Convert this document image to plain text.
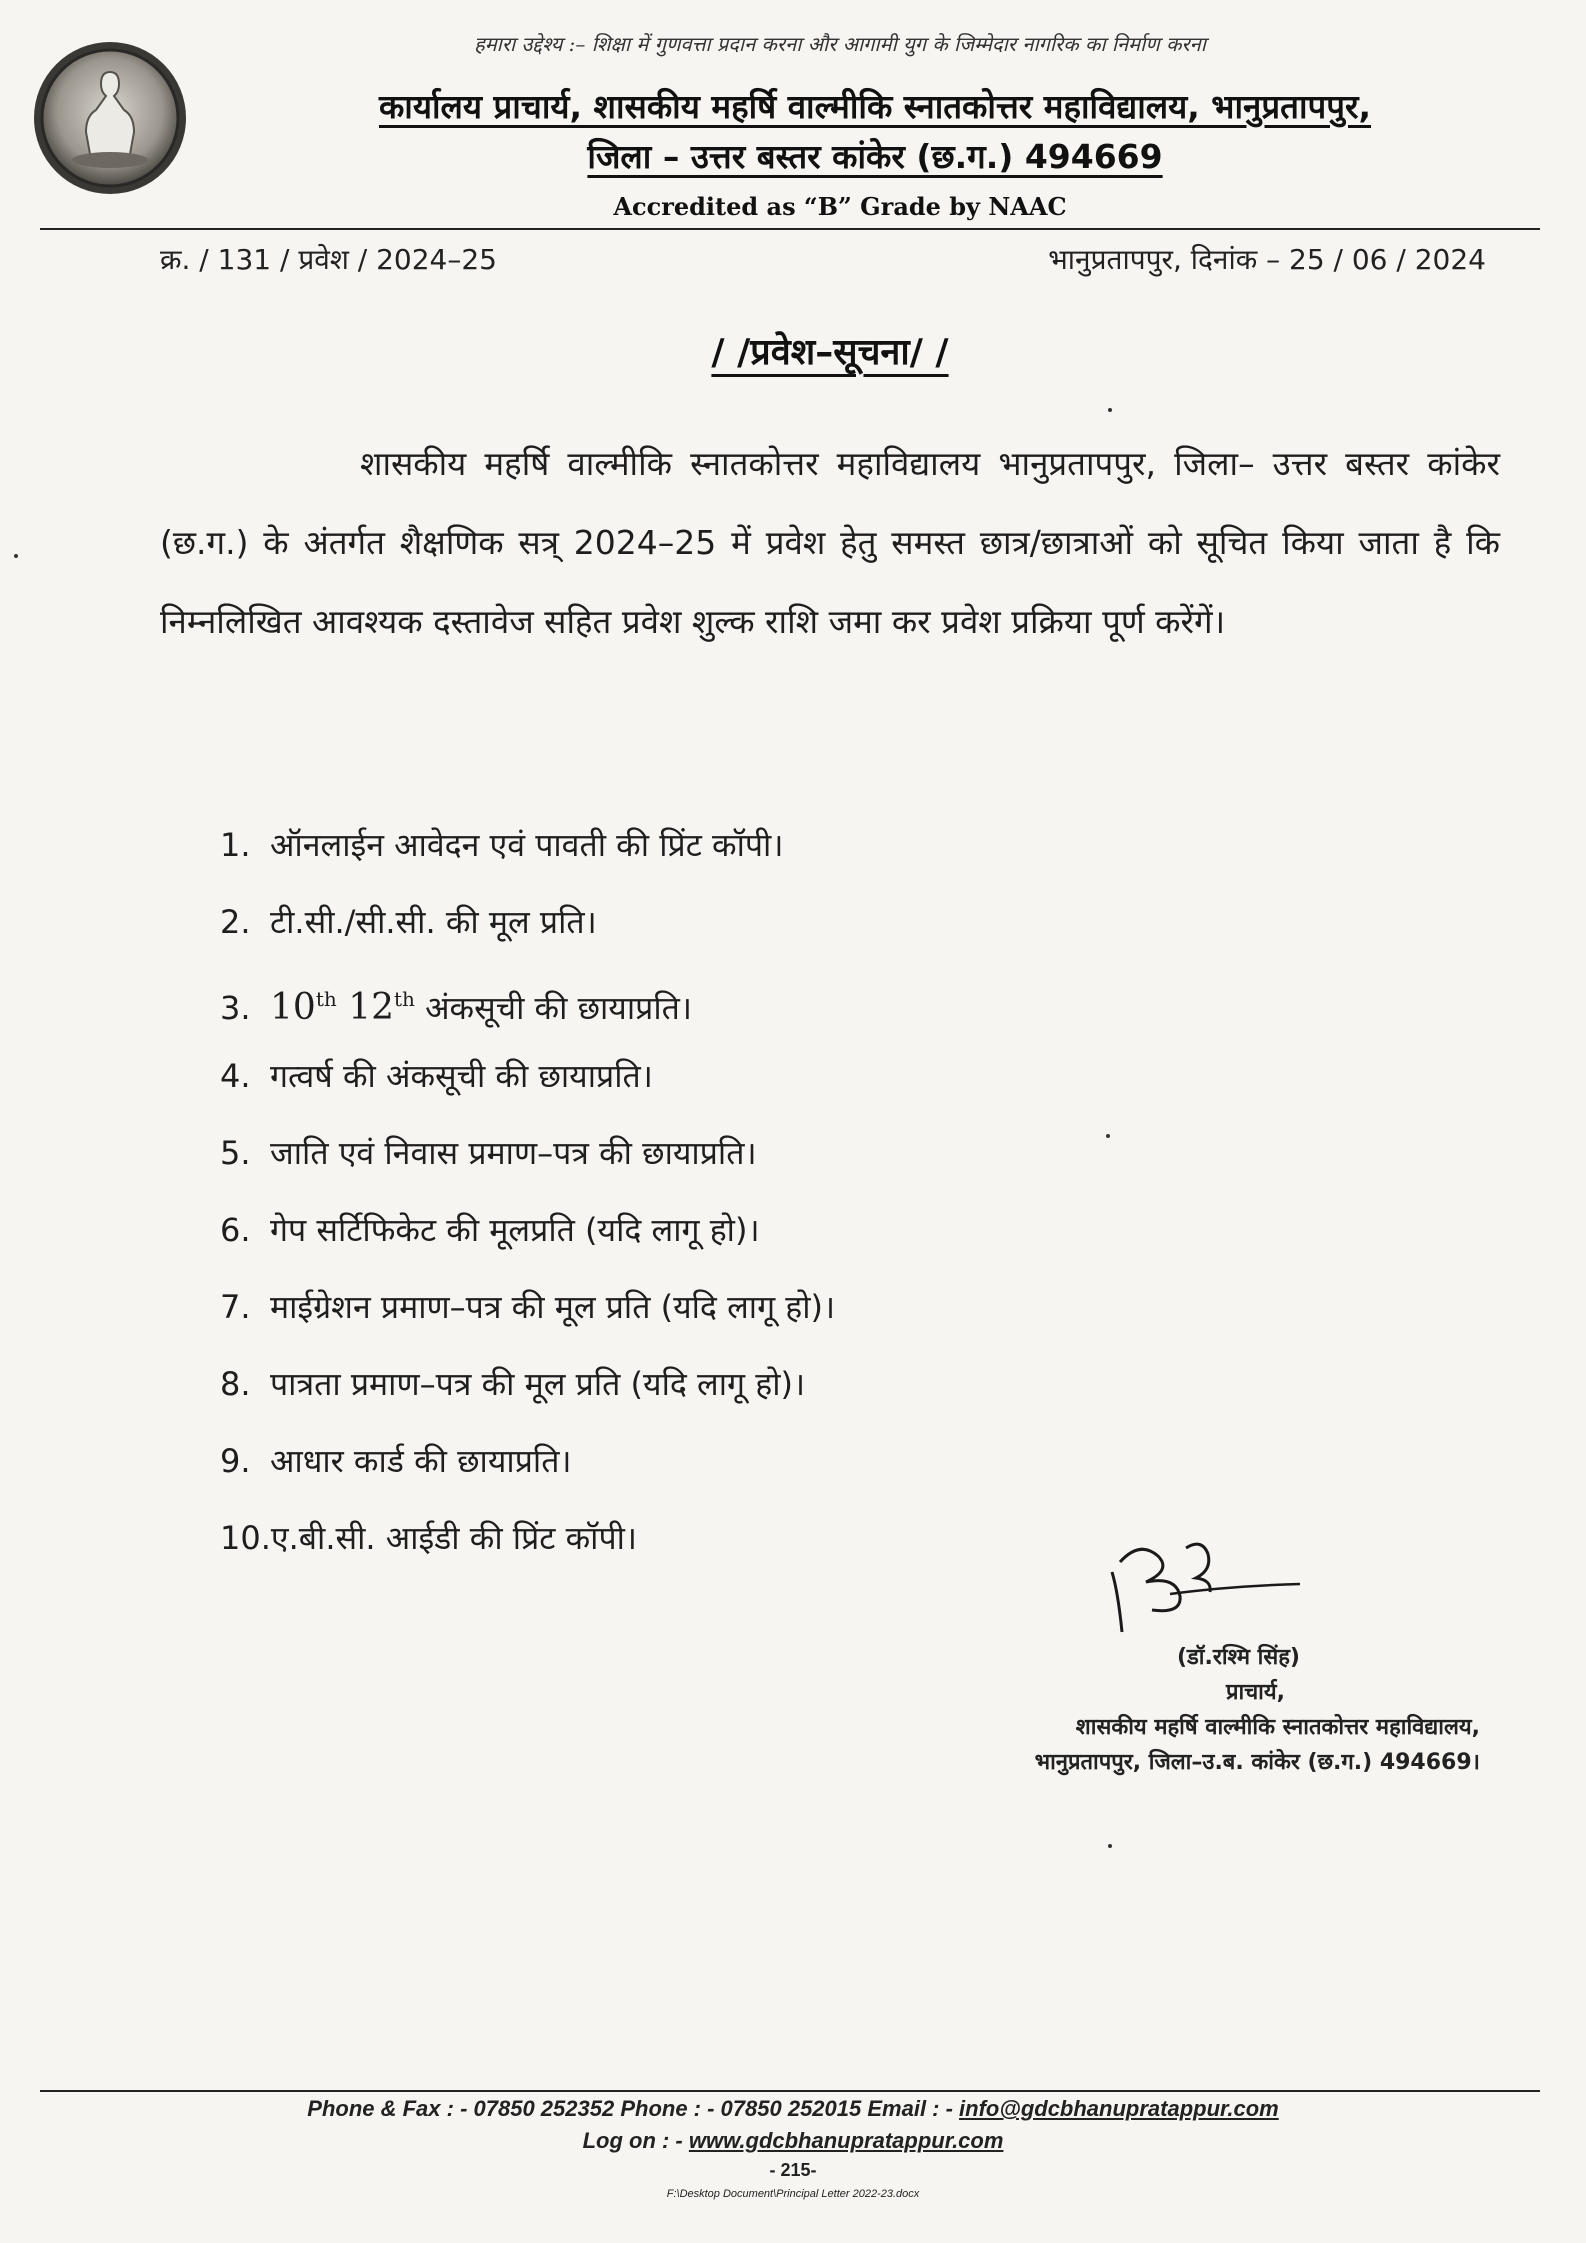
हमारा उद्देश्य :– शिक्षा में गुणवत्ता प्रदान करना और आगामी युग के जिम्मेदार नागरिक का निर्माण करना
कार्यालय प्राचार्य, शासकीय महर्षि वाल्मीकि स्नातकोत्तर महाविद्यालय, भानुप्रतापपुर,
जिला – उत्तर बस्तर कांकेर (छ.ग.) 494669
Accredited as “B” Grade by NAAC
क्र. / 131 / प्रवेश / 2024–25	भानुप्रतापपुर, दिनांक – 25 / 06 / 2024
/ /प्रवेश–सूचना/ /
शासकीय महर्षि वाल्मीकि स्नातकोत्तर महाविद्यालय भानुप्रतापपुर, जिला– उत्तर बस्तर कांकेर (छ.ग.) के अंतर्गत शैक्षणिक सत्र् 2024–25 में प्रवेश हेतु समस्त छात्र/छात्राओं को सूचित किया जाता है कि निम्नलिखित आवश्यक दस्तावेज सहित प्रवेश शुल्क राशि जमा कर प्रवेश प्रक्रिया पूर्ण करेंगें।
1. ऑनलाईन आवेदन एवं पावती की प्रिंट कॉपी।
2. टी.सी./सी.सी. की मूल प्रति।
3. 10th 12th अंकसूची की छायाप्रति।
4. गत्वर्ष की अंकसूची की छायाप्रति।
5. जाति एवं निवास प्रमाण–पत्र की छायाप्रति।
6. गेप सर्टिफिकेट की मूलप्रति (यदि लागू हो)।
7. माईग्रेशन प्रमाण–पत्र की मूल प्रति (यदि लागू हो)।
8. पात्रता प्रमाण–पत्र की मूल प्रति (यदि लागू हो)।
9. आधार कार्ड की छायाप्रति।
10.ए.बी.सी. आईडी की प्रिंट कॉपी।
(डॉ.रश्मि सिंह)
प्राचार्य,
शासकीय महर्षि वाल्मीकि स्नातकोत्तर महाविद्यालय,
भानुप्रतापपुर, जिला–उ.ब. कांकेर (छ.ग.) 494669।
Phone & Fax : - 07850 252352 Phone : - 07850 252015 Email : - info@gdcbhanupratappur.com
Log on : - www.gdcbhanupratappur.com
- 215-
F:\Desktop Document\Principal Letter 2022-23.docx
